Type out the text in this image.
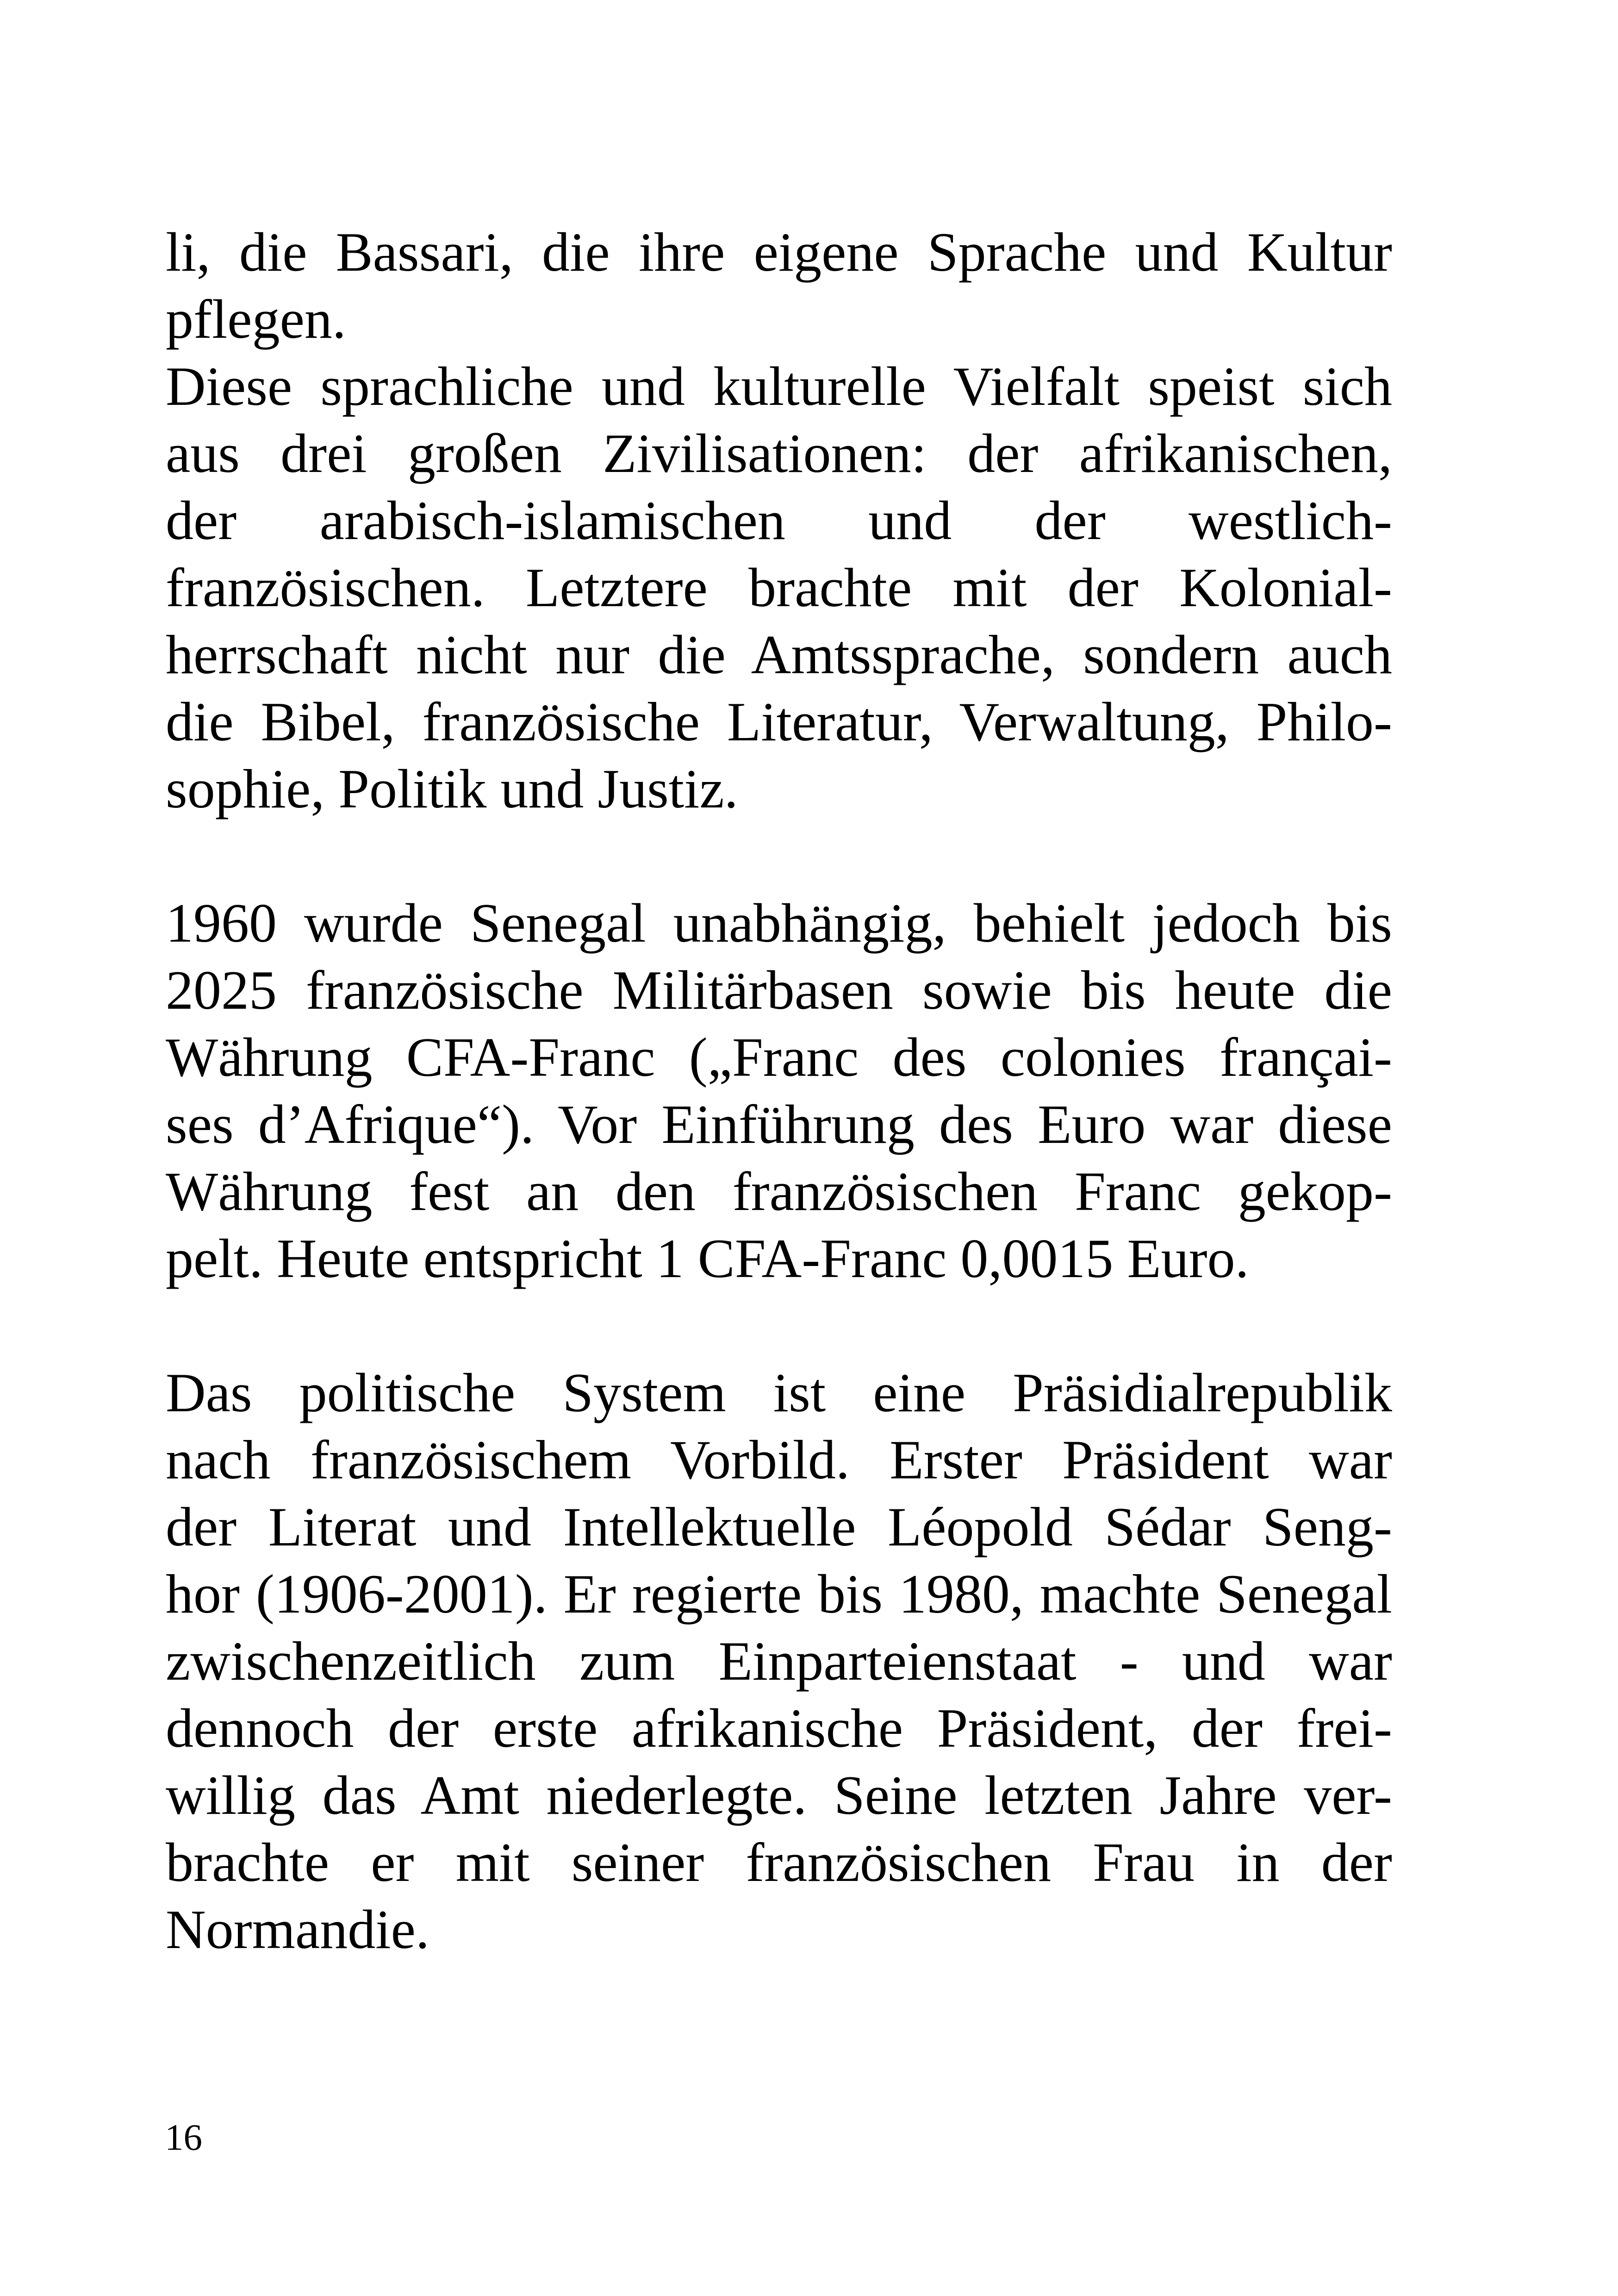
li, die Bassari, die ihre eigene Sprache und Kultur
pflegen.
Diese sprachliche und kulturelle Vielfalt speist sich
aus drei großen Zivilisationen: der afrikanischen,
der arabisch-islamischen und der westlich-
französischen. Letztere brachte mit der Kolonial-
herrschaft nicht nur die Amtssprache, sondern auch
die Bibel, französische Literatur, Verwaltung, Philo-
sophie, Politik und Justiz.
1960 wurde Senegal unabhängig, behielt jedoch bis
2025 französische Militärbasen sowie bis heute die
Währung CFA-Franc („Franc des colonies françai-
ses d’Afrique“). Vor Einführung des Euro war diese
Währung fest an den französischen Franc gekop-
pelt. Heute entspricht 1 CFA-Franc 0,0015 Euro.
Das politische System ist eine Präsidialrepublik
nach französischem Vorbild. Erster Präsident war
der Literat und Intellektuelle Léopold Sédar Seng-
hor (1906-2001). Er regierte bis 1980, machte Senegal
zwischenzeitlich zum Einparteienstaat - und war
dennoch der erste afrikanische Präsident, der frei-
willig das Amt niederlegte. Seine letzten Jahre ver-
brachte er mit seiner französischen Frau in der
Normandie.
16
